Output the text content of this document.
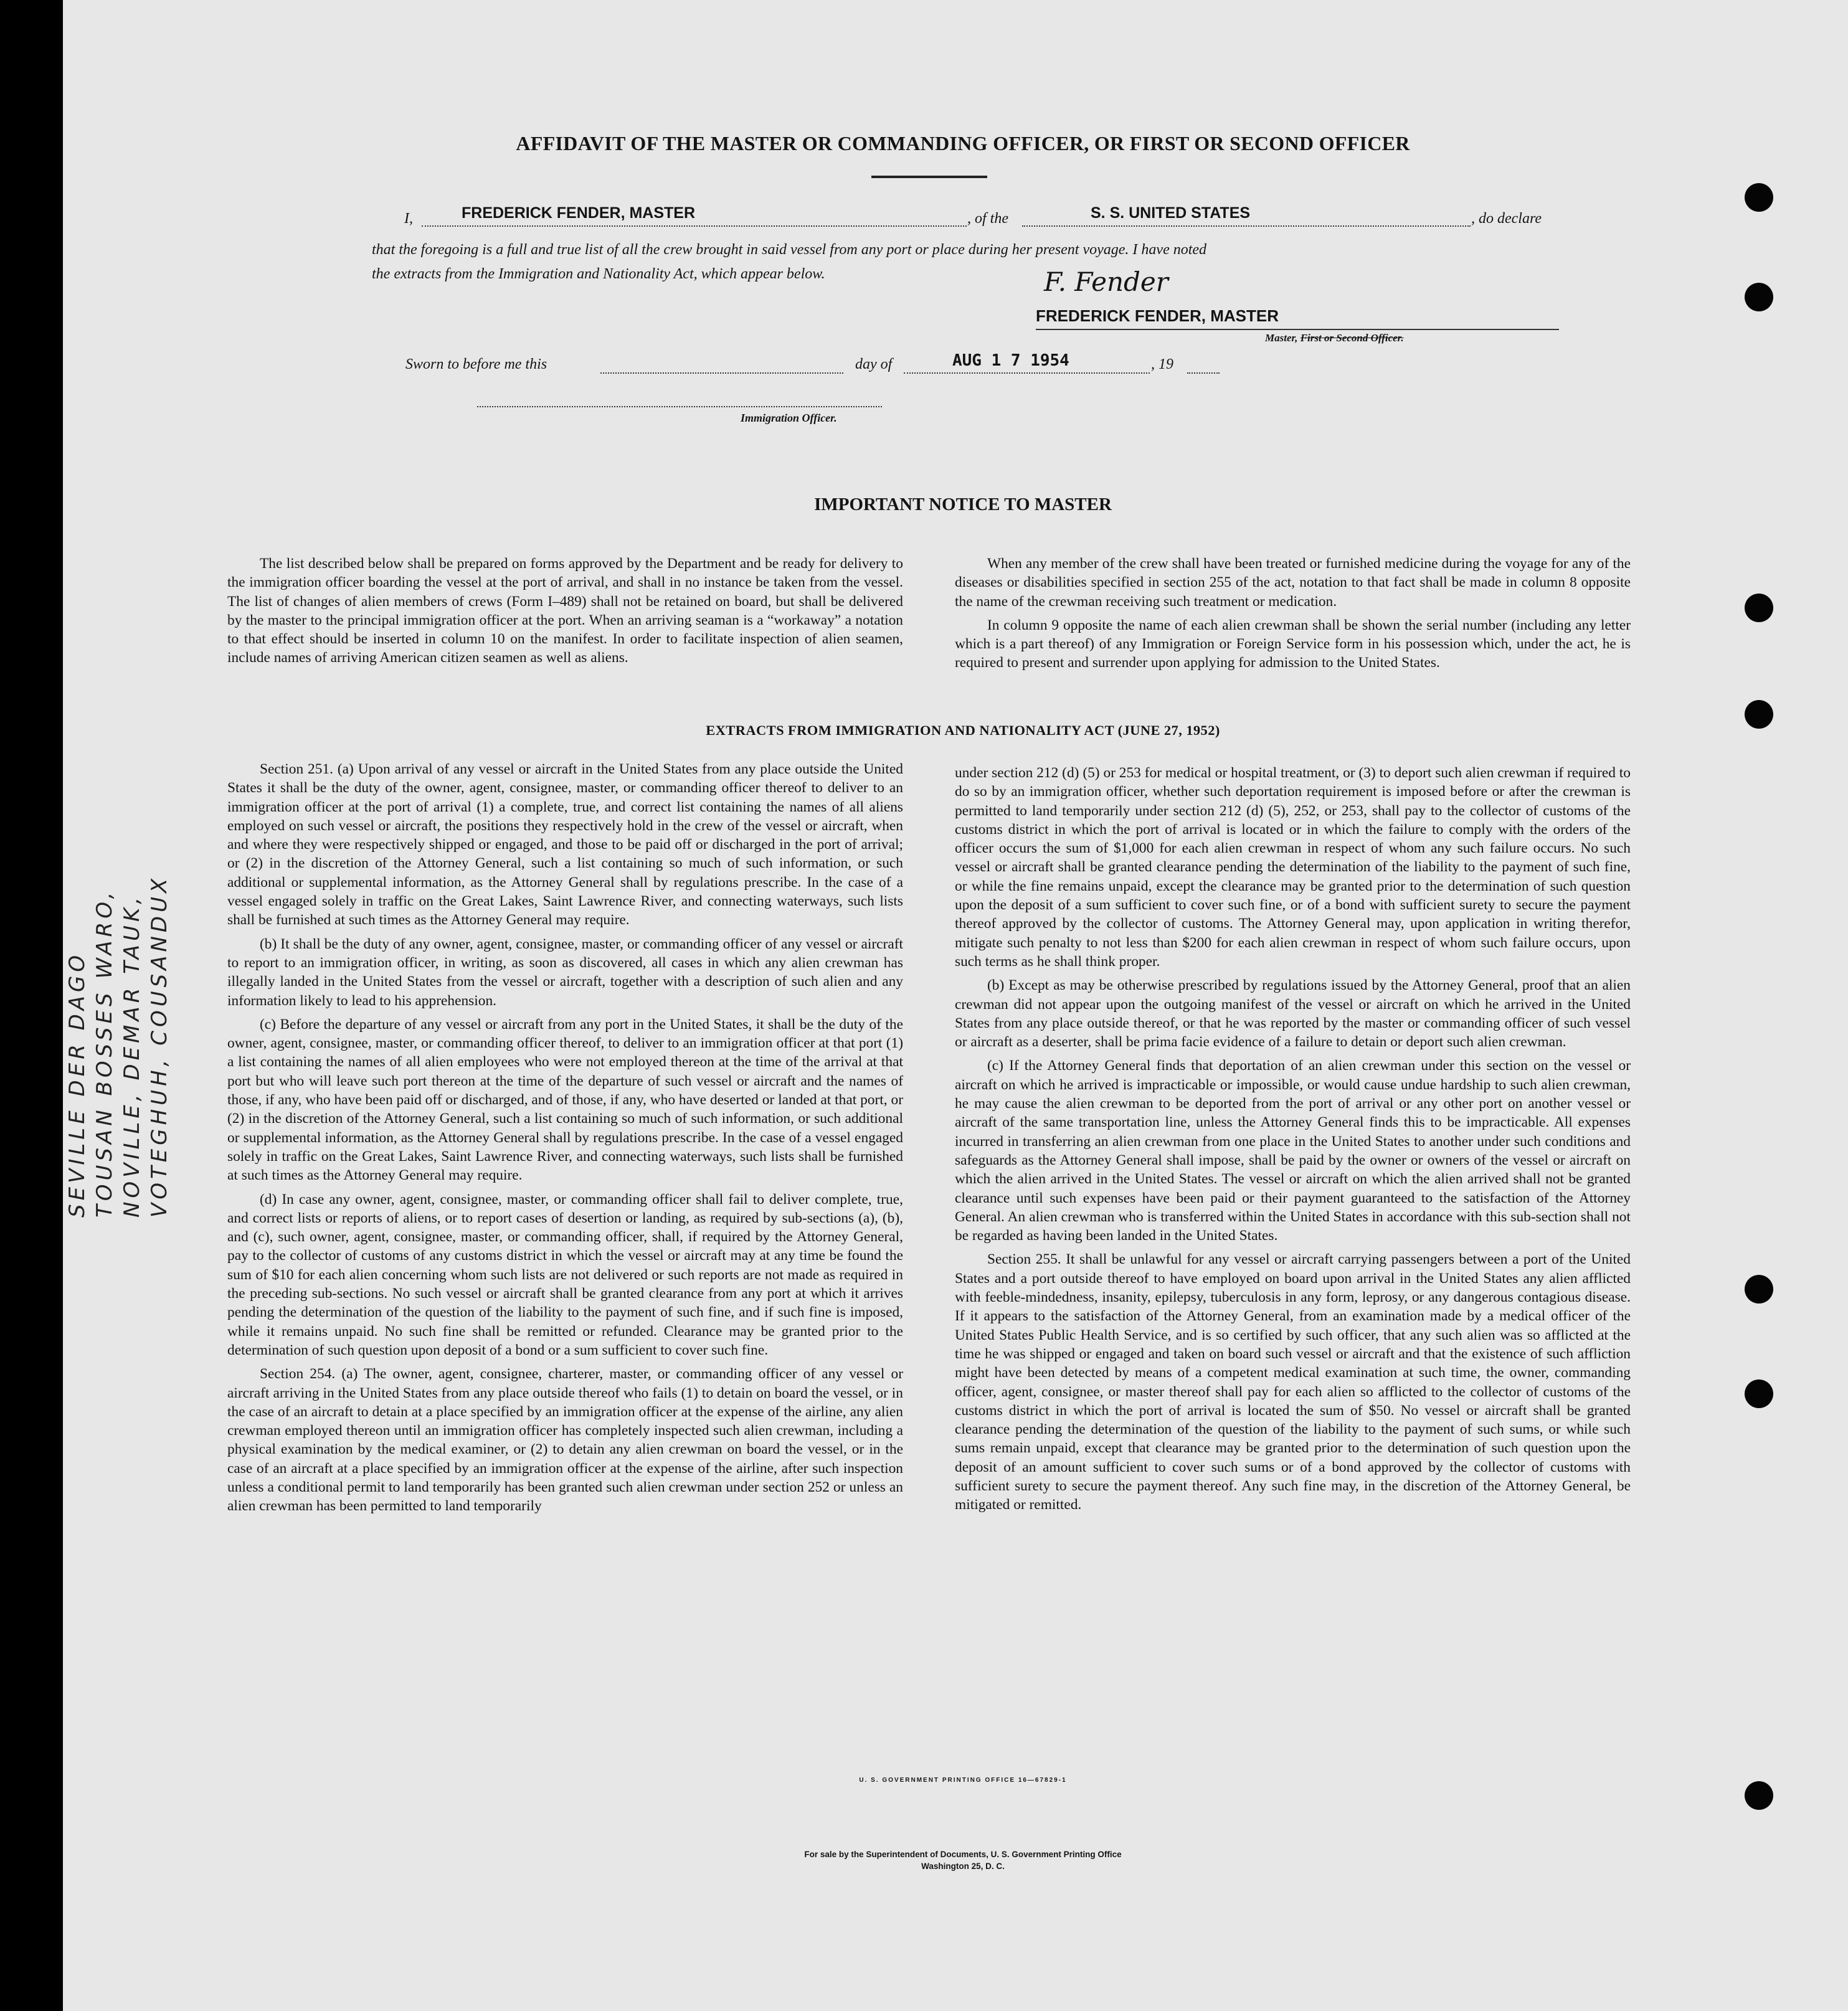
AFFIDAVIT OF THE MASTER OR COMMANDING OFFICER, OR FIRST OR SECOND OFFICER
I,	FREDERICK FENDER, MASTER	, of the	S. S. UNITED STATES	, do declare
that the foregoing is a full and true list of all the crew brought in said vessel from any port or place during her present voyage. I have noted
the extracts from the Immigration and Nationality Act, which appear below.	F. Fender
FREDERICK FENDER, MASTER
Master, First or Second Officer.
Sworn to before me this	day of	AUG 1 7 1954	, 19
Immigration Officer.
IMPORTANT NOTICE TO MASTER

The list described below shall be prepared on forms approved by the Department and be ready for delivery to the immigration officer boarding the vessel at the port of arrival, and shall in no instance be taken from the vessel. The list of changes of alien members of crews (Form I–489) shall not be retained on board, but shall be delivered by the master to the principal immigration officer at the port. When an arriving seaman is a “workaway” a notation to that effect should be inserted in column 10 on the manifest. In order to facilitate inspection of alien seamen, include names of arriving American citizen seamen as well as aliens.

When any member of the crew shall have been treated or furnished medicine during the voyage for any of the diseases or disabilities specified in section 255 of the act, notation to that fact shall be made in column 8 opposite the name of the crewman receiving such treatment or medication.

In column 9 opposite the name of each alien crewman shall be shown the serial number (including any letter which is a part thereof) of any Immigration or Foreign Service form in his possession which, under the act, he is required to present and surrender upon applying for admission to the United States.

EXTRACTS FROM IMMIGRATION AND NATIONALITY ACT (JUNE 27, 1952)

Section 251. (a) Upon arrival of any vessel or aircraft in the United States from any place outside the United States it shall be the duty of the owner, agent, consignee, master, or commanding officer thereof to deliver to an immigration officer at the port of arrival (1) a complete, true, and correct list containing the names of all aliens employed on such vessel or aircraft, the positions they respectively hold in the crew of the vessel or aircraft, when and where they were respectively shipped or engaged, and those to be paid off or discharged in the port of arrival; or (2) in the discretion of the Attorney General, such a list containing so much of such information, or such additional or supplemental information, as the Attorney General shall by regulations prescribe. In the case of a vessel engaged solely in traffic on the Great Lakes, Saint Lawrence River, and connecting waterways, such lists shall be furnished at such times as the Attorney General may require.

(b) It shall be the duty of any owner, agent, consignee, master, or commanding officer of any vessel or aircraft to report to an immigration officer, in writing, as soon as discovered, all cases in which any alien crewman has illegally landed in the United States from the vessel or aircraft, together with a description of such alien and any information likely to lead to his apprehension.

(c) Before the departure of any vessel or aircraft from any port in the United States, it shall be the duty of the owner, agent, consignee, master, or commanding officer thereof, to deliver to an immigration officer at that port (1) a list containing the names of all alien employees who were not employed thereon at the time of the arrival at that port but who will leave such port thereon at the time of the departure of such vessel or aircraft and the names of those, if any, who have been paid off or discharged, and of those, if any, who have deserted or landed at that port, or (2) in the discretion of the Attorney General, such a list containing so much of such information, or such additional or supplemental information, as the Attorney General shall by regulations prescribe. In the case of a vessel engaged solely in traffic on the Great Lakes, Saint Lawrence River, and connecting waterways, such lists shall be furnished at such times as the Attorney General may require.

(d) In case any owner, agent, consignee, master, or commanding officer shall fail to deliver complete, true, and correct lists or reports of aliens, or to report cases of desertion or landing, as required by sub-sections (a), (b), and (c), such owner, agent, consignee, master, or commanding officer, shall, if required by the Attorney General, pay to the collector of customs of any customs district in which the vessel or aircraft may at any time be found the sum of $10 for each alien concerning whom such lists are not delivered or such reports are not made as required in the preceding sub-sections. No such vessel or aircraft shall be granted clearance from any port at which it arrives pending the determination of the question of the liability to the payment of such fine, and if such fine is imposed, while it remains unpaid. No such fine shall be remitted or refunded. Clearance may be granted prior to the determination of such question upon deposit of a bond or a sum sufficient to cover such fine.

Section 254. (a) The owner, agent, consignee, charterer, master, or commanding officer of any vessel or aircraft arriving in the United States from any place outside thereof who fails (1) to detain on board the vessel, or in the case of an aircraft to detain at a place specified by an immigration officer at the expense of the airline, any alien crewman employed thereon until an immigration officer has completely inspected such alien crewman, including a physical examination by the medical examiner, or (2) to detain any alien crewman on board the vessel, or in the case of an aircraft at a place specified by an immigration officer at the expense of the airline, after such inspection unless a conditional permit to land temporarily has been granted such alien crewman under section 252 or unless an alien crewman has been permitted to land temporarily

under section 212 (d) (5) or 253 for medical or hospital treatment, or (3) to deport such alien crewman if required to do so by an immigration officer, whether such deportation requirement is imposed before or after the crewman is permitted to land temporarily under section 212 (d) (5), 252, or 253, shall pay to the collector of customs of the customs district in which the port of arrival is located or in which the failure to comply with the orders of the officer occurs the sum of $1,000 for each alien crewman in respect of whom any such failure occurs. No such vessel or aircraft shall be granted clearance pending the determination of the liability to the payment of such fine, or while the fine remains unpaid, except the clearance may be granted prior to the determination of such question upon the deposit of a sum sufficient to cover such fine, or of a bond with sufficient surety to secure the payment thereof approved by the collector of customs. The Attorney General may, upon application in writing therefor, mitigate such penalty to not less than $200 for each alien crewman in respect of whom such failure occurs, upon such terms as he shall think proper.

(b) Except as may be otherwise prescribed by regulations issued by the Attorney General, proof that an alien crewman did not appear upon the outgoing manifest of the vessel or aircraft on which he arrived in the United States from any place outside thereof, or that he was reported by the master or commanding officer of such vessel or aircraft as a deserter, shall be prima facie evidence of a failure to detain or deport such alien crewman.

(c) If the Attorney General finds that deportation of an alien crewman under this section on the vessel or aircraft on which he arrived is impracticable or impossible, or would cause undue hardship to such alien crewman, he may cause the alien crewman to be deported from the port of arrival or any other port on another vessel or aircraft of the same transportation line, unless the Attorney General finds this to be impracticable. All expenses incurred in transferring an alien crewman from one place in the United States to another under such conditions and safeguards as the Attorney General shall impose, shall be paid by the owner or owners of the vessel or aircraft on which the alien arrived in the United States. The vessel or aircraft on which the alien arrived shall not be granted clearance until such expenses have been paid or their payment guaranteed to the satisfaction of the Attorney General. An alien crewman who is transferred within the United States in accordance with this sub-section shall not be regarded as having been landed in the United States.

Section 255. It shall be unlawful for any vessel or aircraft carrying passengers between a port of the United States and a port outside thereof to have employed on board upon arrival in the United States any alien afflicted with feeble-mindedness, insanity, epilepsy, tuberculosis in any form, leprosy, or any dangerous contagious disease. If it appears to the satisfaction of the Attorney General, from an examination made by a medical officer of the United States Public Health Service, and is so certified by such officer, that any such alien was so afflicted at the time he was shipped or engaged and taken on board such vessel or aircraft and that the existence of such affliction might have been detected by means of a competent medical examination at such time, the owner, commanding officer, agent, consignee, or master thereof shall pay for each alien so afflicted to the collector of customs of the customs district in which the port of arrival is located the sum of $50. No vessel or aircraft shall be granted clearance pending the determination of the question of the liability to the payment of such sums, or while such sums remain unpaid, except that clearance may be granted prior to the determination of such question upon the deposit of an amount sufficient to cover such sums or of a bond approved by the collector of customs with sufficient surety to secure the payment thereof. Any such fine may, in the discretion of the Attorney General, be mitigated or remitted.

SEVILLE DER DAGO TOUSAN BOSSES WARO, NOVILLE, DEMAR TAUK, VOTEGHUH, COUSANDUX
U. S. GOVERNMENT PRINTING OFFICE 16—67829-1
For sale by the Superintendent of Documents, U. S. Government Printing Office
Washington 25, D. C.
